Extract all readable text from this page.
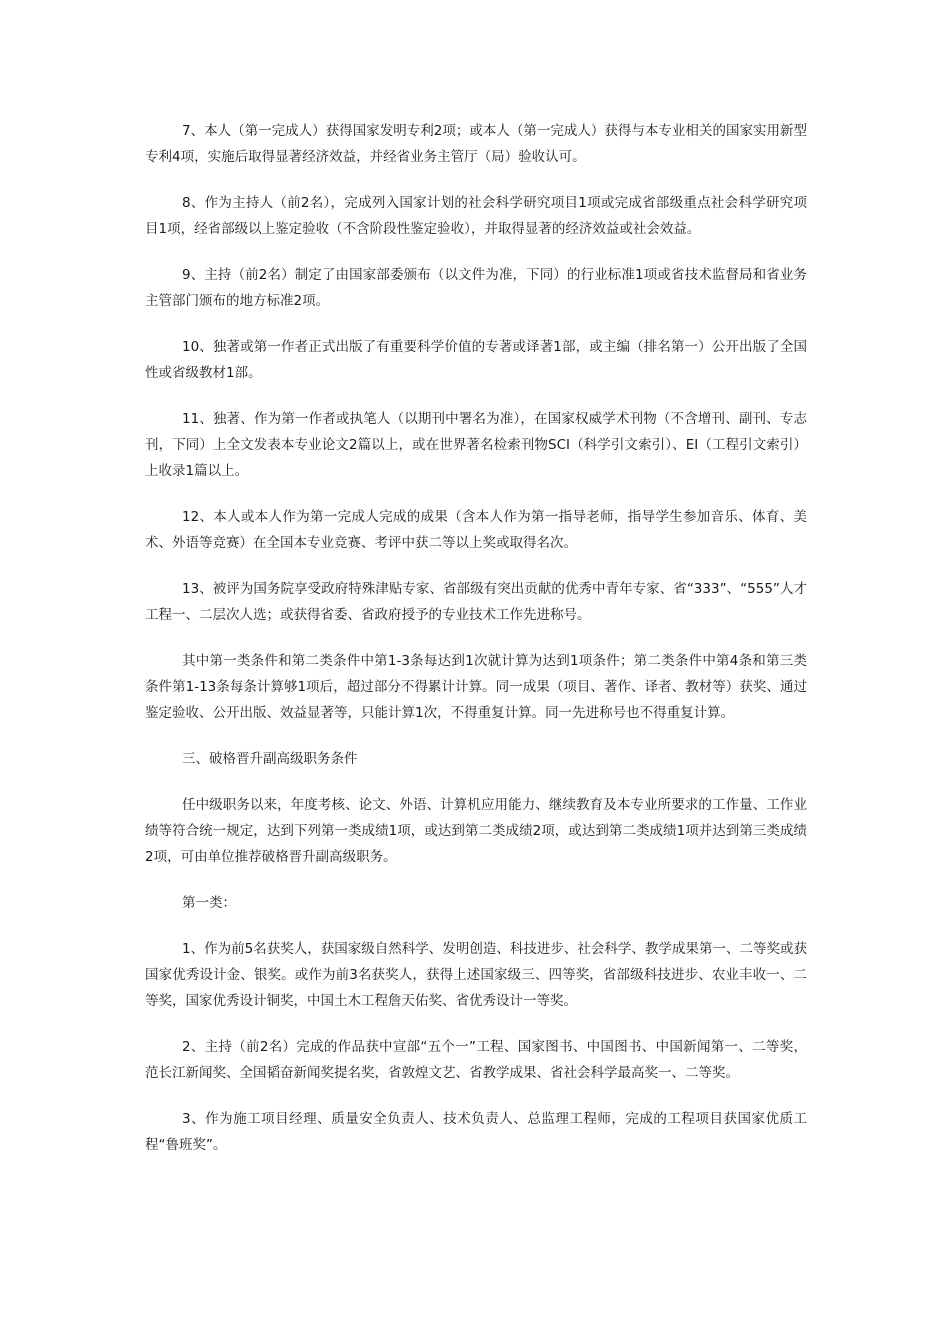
7、本人（第一完成人）获得国家发明专利2项；或本人（第一完成人）获得与本专业相关的国家实用新型专利4项，实施后取得显著经济效益，并经省业务主管厅（局）验收认可。

8、作为主持人（前2名），完成列入国家计划的社会科学研究项目1项或完成省部级重点社会科学研究项目1项，经省部级以上鉴定验收（不含阶段性鉴定验收），并取得显著的经济效益或社会效益。

9、主持（前2名）制定了由国家部委颁布（以文件为准，下同）的行业标准1项或省技术监督局和省业务主管部门颁布的地方标准2项。

10、独著或第一作者正式出版了有重要科学价值的专著或译著1部，或主编（排名第一）公开出版了全国性或省级教材1部。

11、独著、作为第一作者或执笔人（以期刊中署名为准），在国家权威学术刊物（不含增刊、副刊、专志刊，下同）上全文发表本专业论文2篇以上，或在世界著名检索刊物SCI（科学引文索引）、EI（工程引文索引）上收录1篇以上。

12、本人或本人作为第一完成人完成的成果（含本人作为第一指导老师，指导学生参加音乐、体育、美术、外语等竞赛）在全国本专业竞赛、考评中获二等以上奖或取得名次。

13、被评为国务院享受政府特殊津贴专家、省部级有突出贡献的优秀中青年专家、省“333”、“555”人才工程一、二层次人选；或获得省委、省政府授予的专业技术工作先进称号。

其中第一类条件和第二类条件中第1-3条每达到1次就计算为达到1项条件；第二类条件中第4条和第三类条件第1-13条每条计算够1项后，超过部分不得累计计算。同一成果（项目、著作、译者、教材等）获奖、通过鉴定验收、公开出版、效益显著等，只能计算1次，不得重复计算。同一先进称号也不得重复计算。

三、破格晋升副高级职务条件

任中级职务以来，年度考核、论文、外语、计算机应用能力、继续教育及本专业所要求的工作量、工作业绩等符合统一规定，达到下列第一类成绩1项，或达到第二类成绩2项，或达到第二类成绩1项并达到第三类成绩2项，可由单位推荐破格晋升副高级职务。

第一类：

1、作为前5名获奖人，获国家级自然科学、发明创造、科技进步、社会科学、教学成果第一、二等奖或获国家优秀设计金、银奖。或作为前3名获奖人，获得上述国家级三、四等奖，省部级科技进步、农业丰收一、二等奖，国家优秀设计铜奖，中国土木工程詹天佑奖、省优秀设计一等奖。

2、主持（前2名）完成的作品获中宣部“五个一”工程、国家图书、中国图书、中国新闻第一、二等奖，范长江新闻奖、全国韬奋新闻奖提名奖，省敦煌文艺、省教学成果、省社会科学最高奖一、二等奖。

3、作为施工项目经理、质量安全负责人、技术负责人、总监理工程师，完成的工程项目获国家优质工程“鲁班奖”。
